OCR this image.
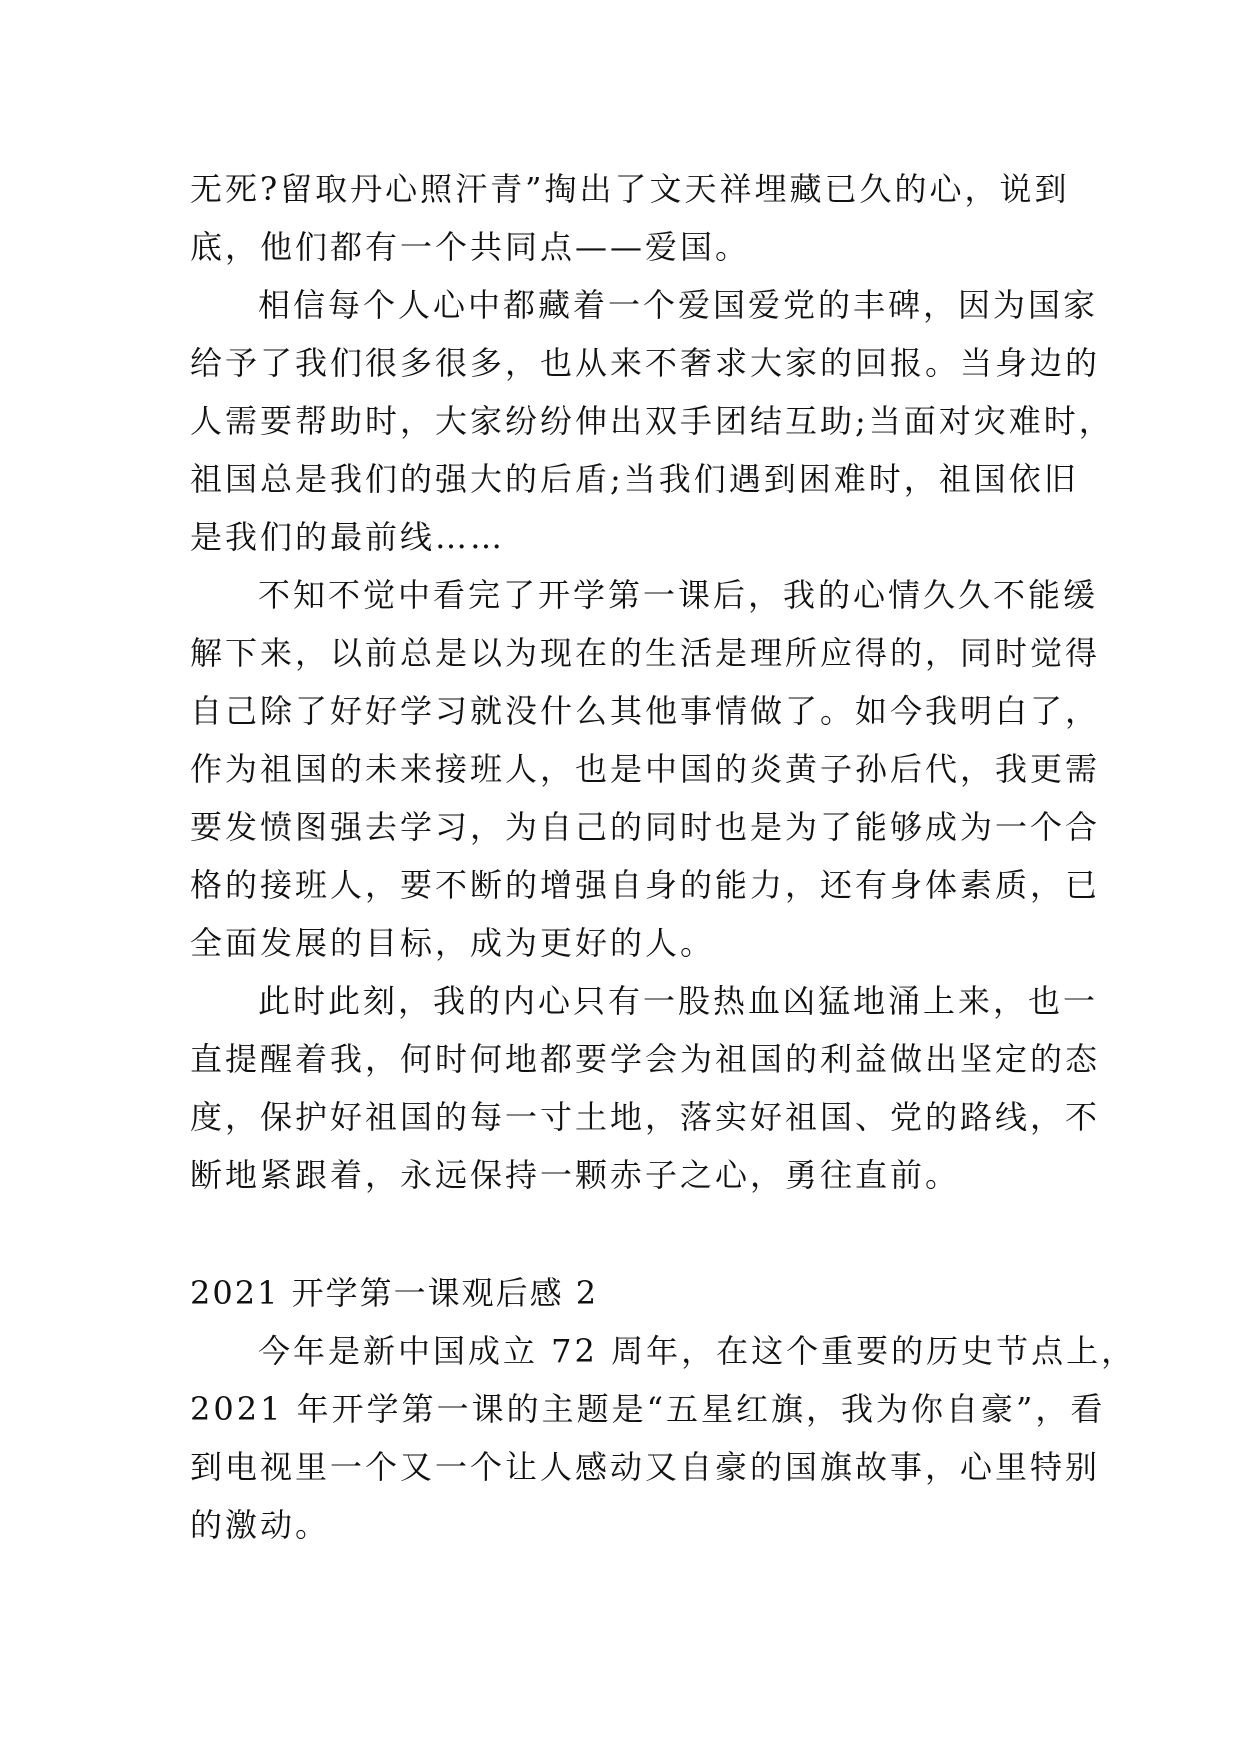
无死?留取丹心照汗青”掏出了文天祥埋藏已久的心，说到
底，他们都有一个共同点——爱国。
相信每个人心中都藏着一个爱国爱党的丰碑，因为国家
给予了我们很多很多，也从来不奢求大家的回报。当身边的
人需要帮助时，大家纷纷伸出双手团结互助;当面对灾难时，
祖国总是我们的强大的后盾;当我们遇到困难时，祖国依旧
是我们的最前线……
不知不觉中看完了开学第一课后，我的心情久久不能缓
解下来，以前总是以为现在的生活是理所应得的，同时觉得
自己除了好好学习就没什么其他事情做了。如今我明白了，
作为祖国的未来接班人，也是中国的炎黄子孙后代，我更需
要发愤图强去学习，为自己的同时也是为了能够成为一个合
格的接班人，要不断的增强自身的能力，还有身体素质，已
全面发展的目标，成为更好的人。
此时此刻，我的内心只有一股热血凶猛地涌上来，也一
直提醒着我，何时何地都要学会为祖国的利益做出坚定的态
度，保护好祖国的每一寸土地，落实好祖国、党的路线，不
断地紧跟着，永远保持一颗赤子之心，勇往直前。
2021 开学第一课观后感 2
今年是新中国成立 72 周年，在这个重要的历史节点上，
2021 年开学第一课的主题是“五星红旗，我为你自豪”，看
到电视里一个又一个让人感动又自豪的国旗故事，心里特别
的激动。
